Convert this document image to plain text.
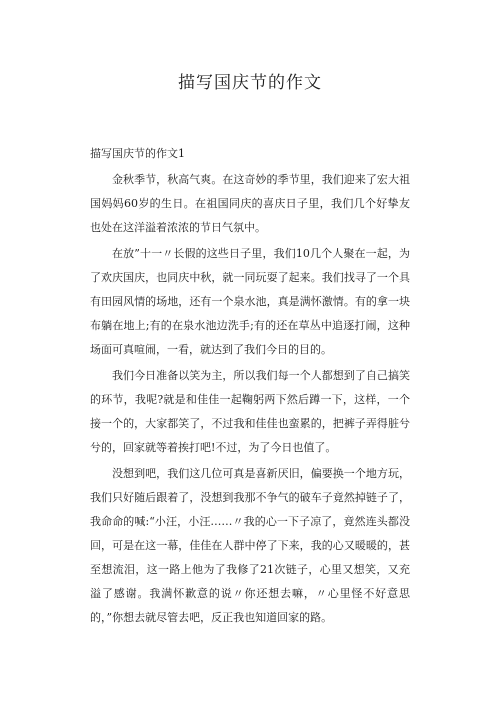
描写国庆节的作文

描写国庆节的作文1

金秋季节，秋高气爽。在这奇妙的季节里，我们迎来了宏大祖国妈妈60岁的生日。在祖国同庆的喜庆日子里，我们几个好挚友也处在这洋溢着浓浓的节日气氛中。

在放”十一〃长假的这些日子里，我们10几个人聚在一起，为了欢庆国庆，也同庆中秋，就一同玩耍了起来。我们找寻了一个具有田园风情的场地，还有一个泉水池，真是满怀激情。有的拿一块布躺在地上;有的在泉水池边洗手;有的还在草丛中追逐打闹，这种场面可真喧闹，一看，就达到了我们今日的目的。

我们今日准备以笑为主，所以我们每一个人都想到了自己搞笑的环节，我呢?就是和佳佳一起鞠躬两下然后蹲一下，这样，一个接一个的，大家都笑了，不过我和佳佳也蛮累的，把裤子弄得脏兮兮的，回家就等着挨打吧!不过，为了今日也值了。

没想到吧，我们这几位可真是喜新厌旧，偏要换一个地方玩，我们只好随后跟着了，没想到我那不争气的破车子竟然掉链子了，我命命的喊:“小汪，小汪……〃我的心一下子凉了，竟然连头都没回，可是在这一幕，佳佳在人群中停了下来，我的心又暖暖的，甚至想流泪，这一路上他为了我修了21次链子，心里又想笑，又充溢了感谢。我满怀歉意的说〃你还想去嘛，〃心里怪不好意思的，”你想去就尽管去吧，反正我也知道回家的路。
